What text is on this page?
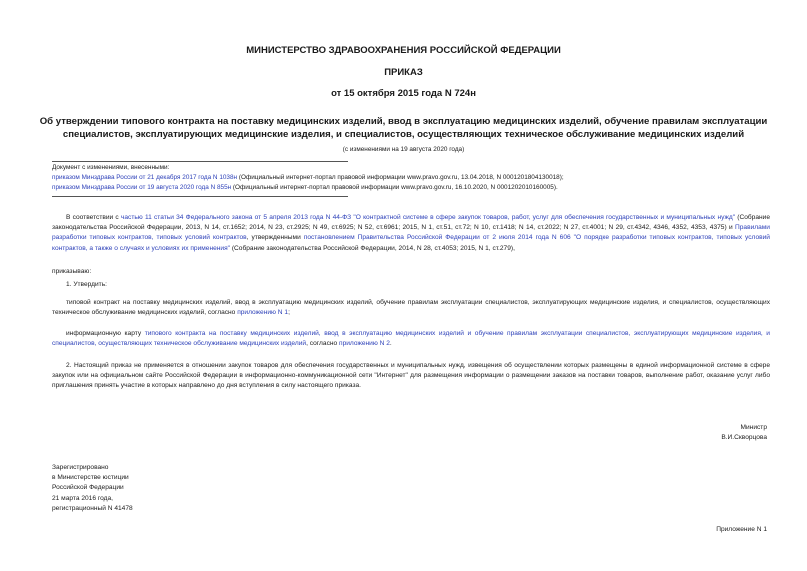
МИНИСТЕРСТВО ЗДРАВООХРАНЕНИЯ РОССИЙСКОЙ ФЕДЕРАЦИИ
ПРИКАЗ
от 15 октября 2015 года N 724н
Об утверждении типового контракта на поставку медицинских изделий, ввод в эксплуатацию медицинских изделий, обучение правилам эксплуатации
специалистов, эксплуатирующих медицинские изделия, и специалистов, осуществляющих техническое обслуживание медицинских изделий
(с изменениями на 19 августа 2020 года)
Документ с изменениями, внесенными:
приказом Минздрава России от 21 декабря 2017 года N 1038н (Официальный интернет-портал правовой информации www.pravo.gov.ru, 13.04.2018, N 0001201804130018);
приказом Минздрава России от 19 августа 2020 года N 855н (Официальный интернет-портал правовой информации www.pravo.gov.ru, 16.10.2020, N 0001202010160005).

В соответствии с частью 11 статьи 34 Федерального закона от 5 апреля 2013 года N 44-ФЗ "О контрактной системе в сфере закупок товаров, работ, услуг для обеспечения государственных и муниципальных нужд" (Собрание законодательства Российской Федерации, 2013, N 14, ст.1652; 2014, N 23, ст.2925; N 49, ст.6925; N 52, ст.6961; 2015, N 1, ст.51, ст.72; N 10, ст.1418; N 14, ст.2022; N 27, ст.4001; N 29, ст.4342, 4346, 4352, 4353, 4375) и Правилами разработки типовых контрактов, типовых условий контрактов, утвержденными постановлением Правительства Российской Федерации от 2 июля 2014 года N 606 "О порядке разработки типовых контрактов, типовых условий контрактов, а также о случаях и условиях их применения" (Собрание законодательства Российской Федерации, 2014, N 28, ст.4053; 2015, N 1, ст.279),

приказываю:
1. Утвердить:

типовой контракт на поставку медицинских изделий, ввод в эксплуатацию медицинских изделий, обучение правилам эксплуатации специалистов, эксплуатирующих медицинские изделия, и специалистов, осуществляющих техническое обслуживание медицинских изделий, согласно приложению N 1;

информационную карту типового контракта на поставку медицинских изделий, ввод в эксплуатацию медицинских изделий и обучение правилам эксплуатации специалистов, эксплуатирующих медицинские изделия, и специалистов, осуществляющих техническое обслуживание медицинских изделий, согласно приложению N 2.

2. Настоящий приказ не применяется в отношении закупок товаров для обеспечения государственных и муниципальных нужд, извещения об осуществлении которых размещены в единой информационной системе в сфере закупок или на официальном сайте Российской Федерации в информационно-коммуникационной сети "Интернет" для размещения информации о размещении заказов на поставки товаров, выполнение работ, оказание услуг либо приглашения принять участие в которых направлено до дня вступления в силу настоящего приказа.

Министр
В.И.Скворцова
Зарегистрировано
в Министерстве юстиции
Российской Федерации
21 марта 2016 года,
регистрационный N 41478
Приложение N 1
